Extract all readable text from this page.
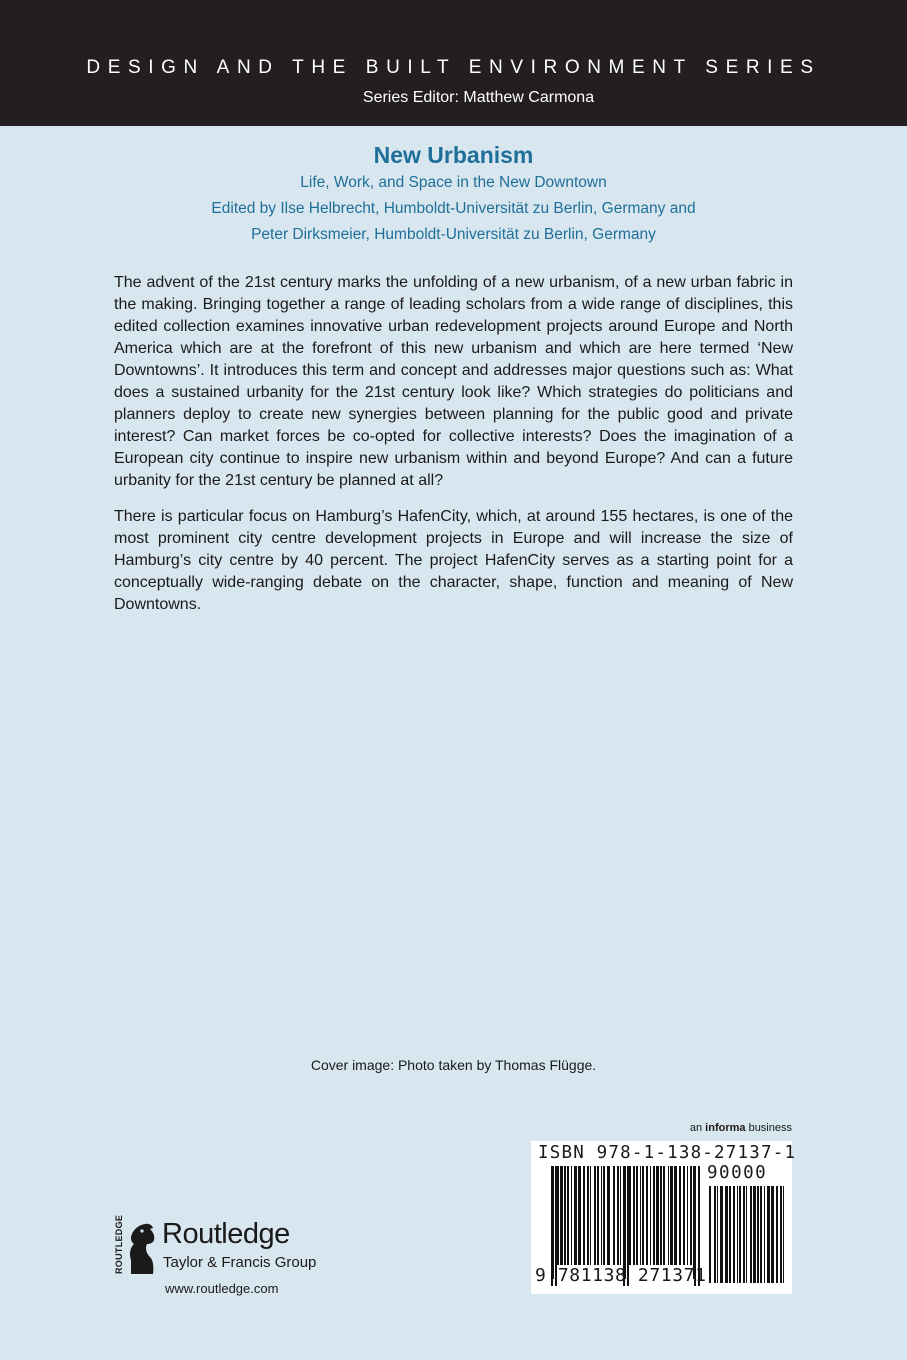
DESIGN AND THE BUILT ENVIRONMENT SERIES
Series Editor: Matthew Carmona
New Urbanism

Life, Work, and Space in the New Downtown

Edited by Ilse Helbrecht, Humboldt-Universität zu Berlin, Germany and

Peter Dirksmeier, Humboldt-Universität zu Berlin, Germany

The advent of the 21st century marks the unfolding of a new urbanism, of a new urban fabric in the making. Bringing together a range of leading scholars from a wide range of disciplines, this edited collection examines innovative urban redevelopment projects around Europe and North America which are at the forefront of this new urbanism and which are here termed ‘New Downtowns’. It introduces this term and concept and addresses major questions such as: What does a sustained urbanity for the 21st century look like? Which strategies do politicians and planners deploy to create new synergies between planning for the public good and private interest? Can market forces be co-opted for collective interests? Does the imagination of a European city continue to inspire new urbanism within and beyond Europe? And can a future urbanity for the 21st century be planned at all?

There is particular focus on Hamburg’s HafenCity, which, at around 155 hectares, is one of the most prominent city centre development projects in Europe and will increase the size of Hamburg’s city centre by 40 percent. The project HafenCity serves as a starting point for a conceptually wide-ranging debate on the character, shape, function and meaning of New Downtowns.

Cover image: Photo taken by Thomas Flügge.
an informa business
ISBN 978-1-138-27137-1
90000
9 781138 271371
ROUTLEDGE Routledge
Taylor & Francis Group
www.routledge.com
